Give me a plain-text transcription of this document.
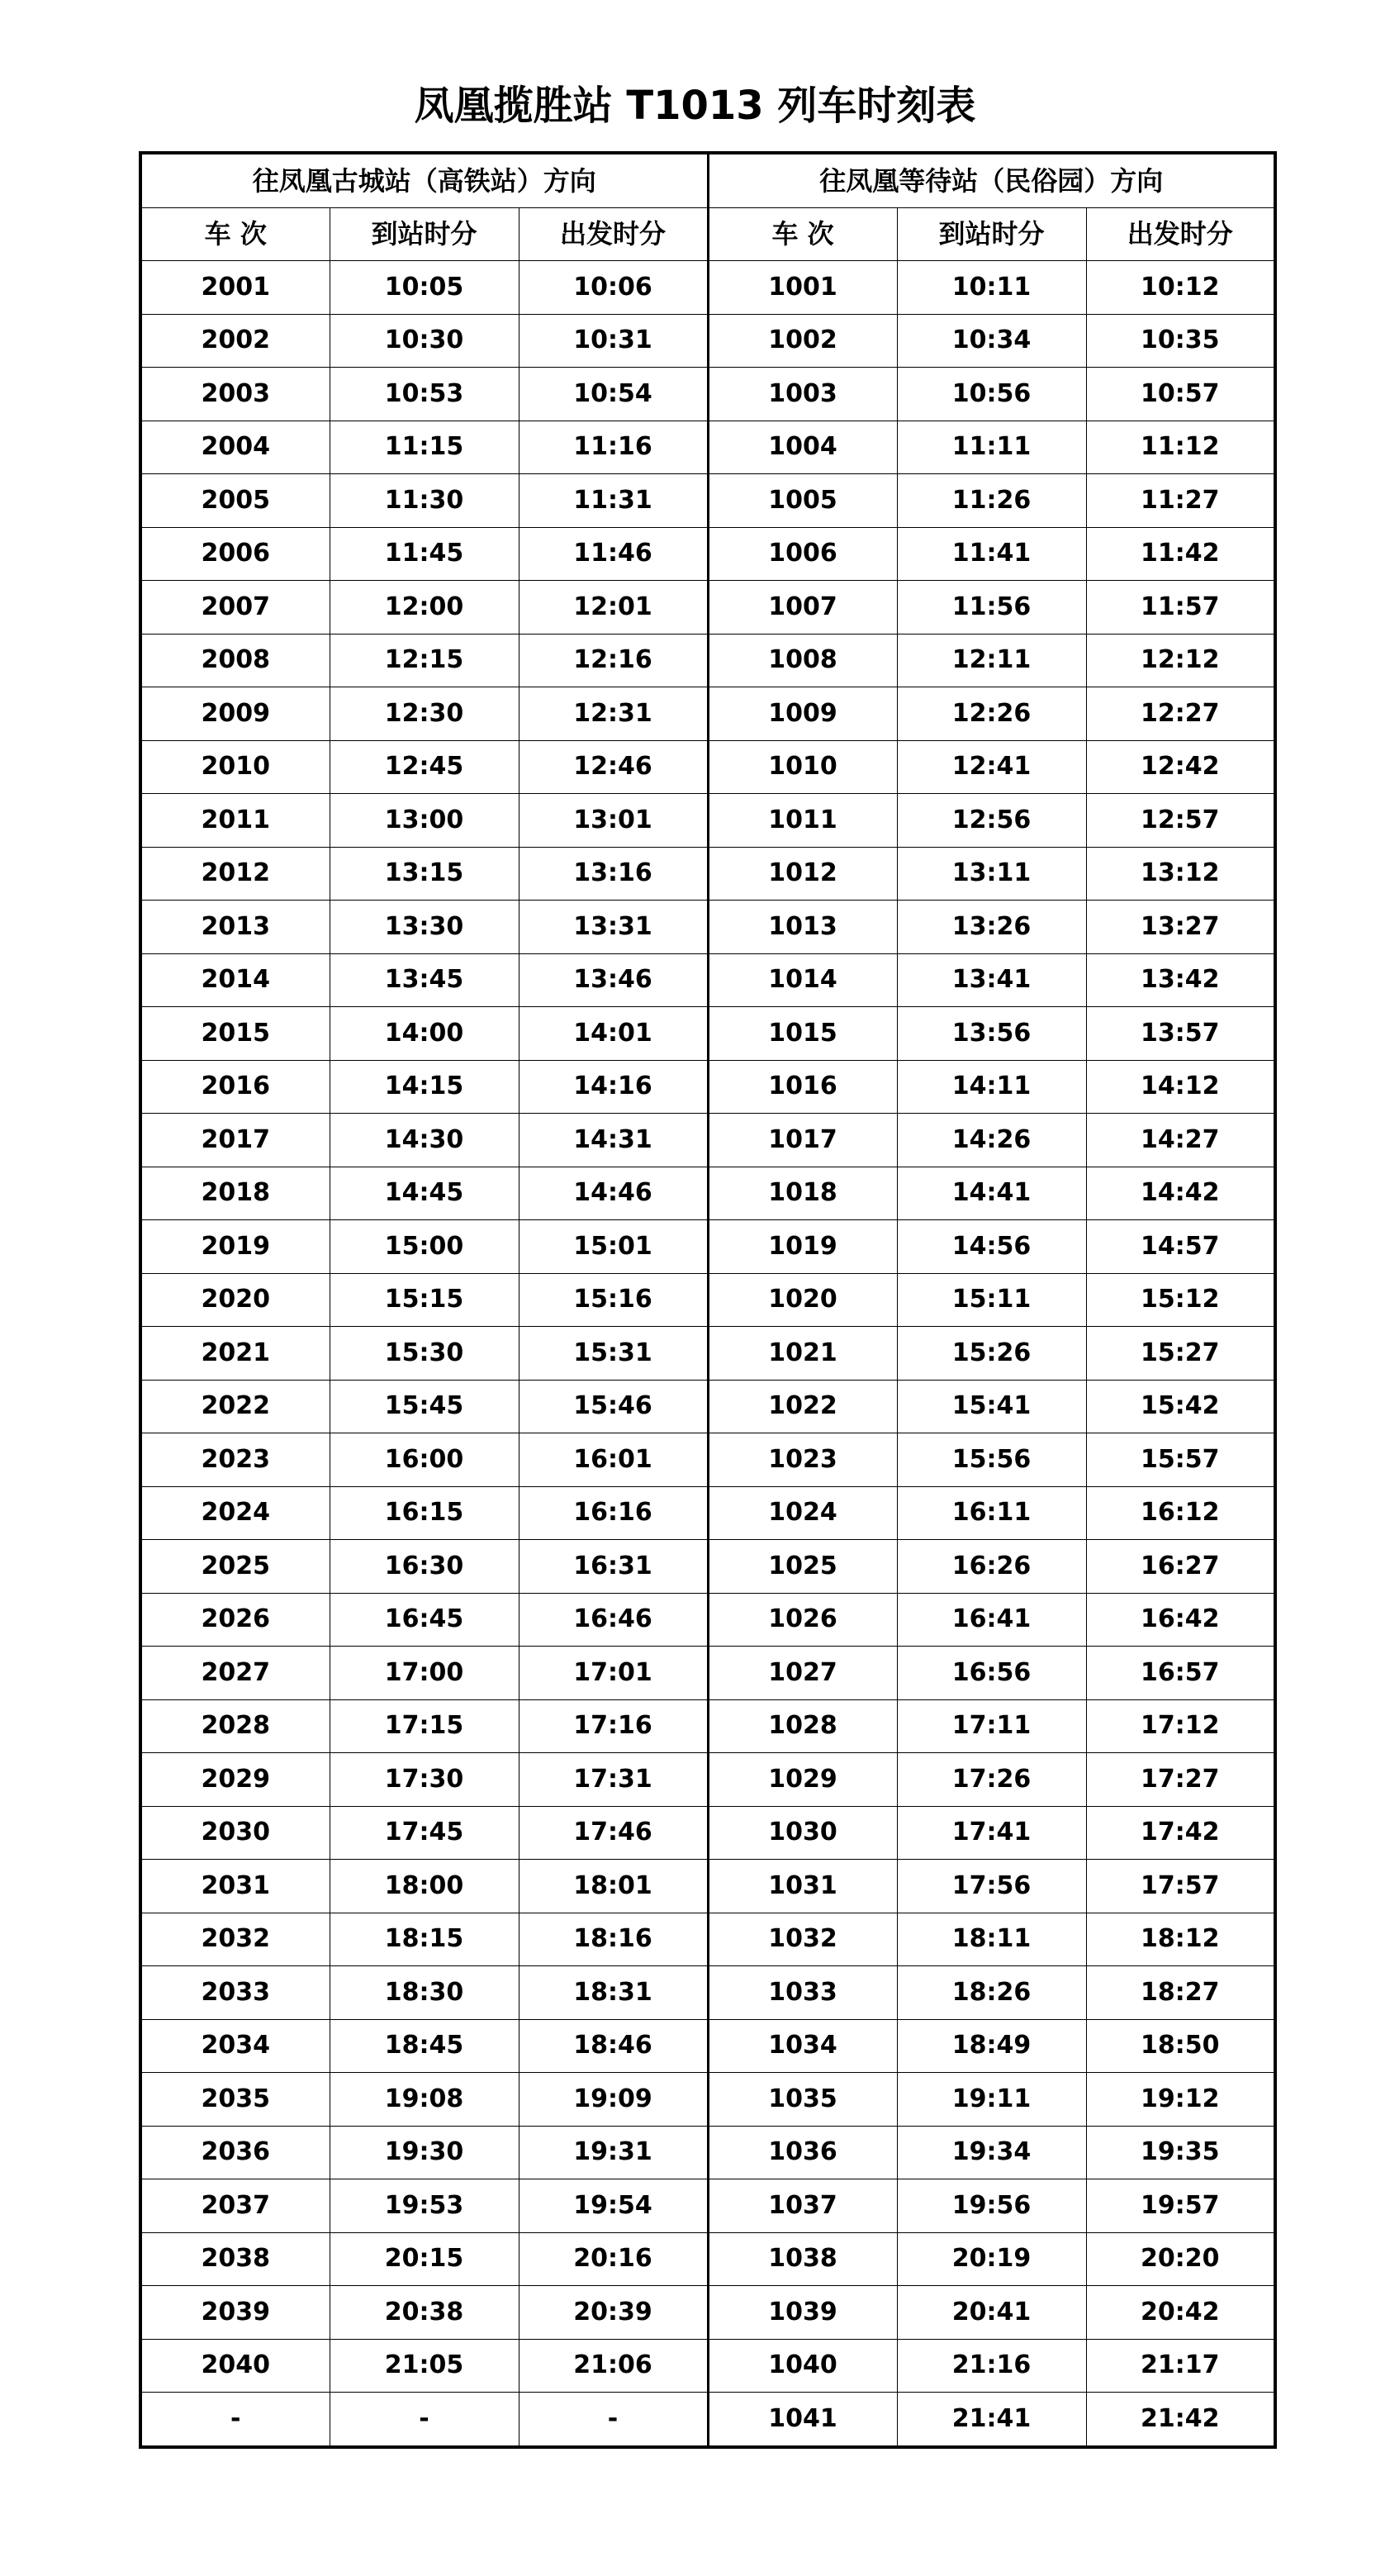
凤凰揽胜站 T1013 列车时刻表
往凤凰古城站（高铁站）方向			往凤凰等待站（民俗园）方向		
车 次	到站时分	出发时分	车 次	到站时分	出发时分
2001	10:05	10:06	1001	10:11	10:12
2002	10:30	10:31	1002	10:34	10:35
2003	10:53	10:54	1003	10:56	10:57
2004	11:15	11:16	1004	11:11	11:12
2005	11:30	11:31	1005	11:26	11:27
2006	11:45	11:46	1006	11:41	11:42
2007	12:00	12:01	1007	11:56	11:57
2008	12:15	12:16	1008	12:11	12:12
2009	12:30	12:31	1009	12:26	12:27
2010	12:45	12:46	1010	12:41	12:42
2011	13:00	13:01	1011	12:56	12:57
2012	13:15	13:16	1012	13:11	13:12
2013	13:30	13:31	1013	13:26	13:27
2014	13:45	13:46	1014	13:41	13:42
2015	14:00	14:01	1015	13:56	13:57
2016	14:15	14:16	1016	14:11	14:12
2017	14:30	14:31	1017	14:26	14:27
2018	14:45	14:46	1018	14:41	14:42
2019	15:00	15:01	1019	14:56	14:57
2020	15:15	15:16	1020	15:11	15:12
2021	15:30	15:31	1021	15:26	15:27
2022	15:45	15:46	1022	15:41	15:42
2023	16:00	16:01	1023	15:56	15:57
2024	16:15	16:16	1024	16:11	16:12
2025	16:30	16:31	1025	16:26	16:27
2026	16:45	16:46	1026	16:41	16:42
2027	17:00	17:01	1027	16:56	16:57
2028	17:15	17:16	1028	17:11	17:12
2029	17:30	17:31	1029	17:26	17:27
2030	17:45	17:46	1030	17:41	17:42
2031	18:00	18:01	1031	17:56	17:57
2032	18:15	18:16	1032	18:11	18:12
2033	18:30	18:31	1033	18:26	18:27
2034	18:45	18:46	1034	18:49	18:50
2035	19:08	19:09	1035	19:11	19:12
2036	19:30	19:31	1036	19:34	19:35
2037	19:53	19:54	1037	19:56	19:57
2038	20:15	20:16	1038	20:19	20:20
2039	20:38	20:39	1039	20:41	20:42
2040	21:05	21:06	1040	21:16	21:17
-	-	-	1041	21:41	21:42
